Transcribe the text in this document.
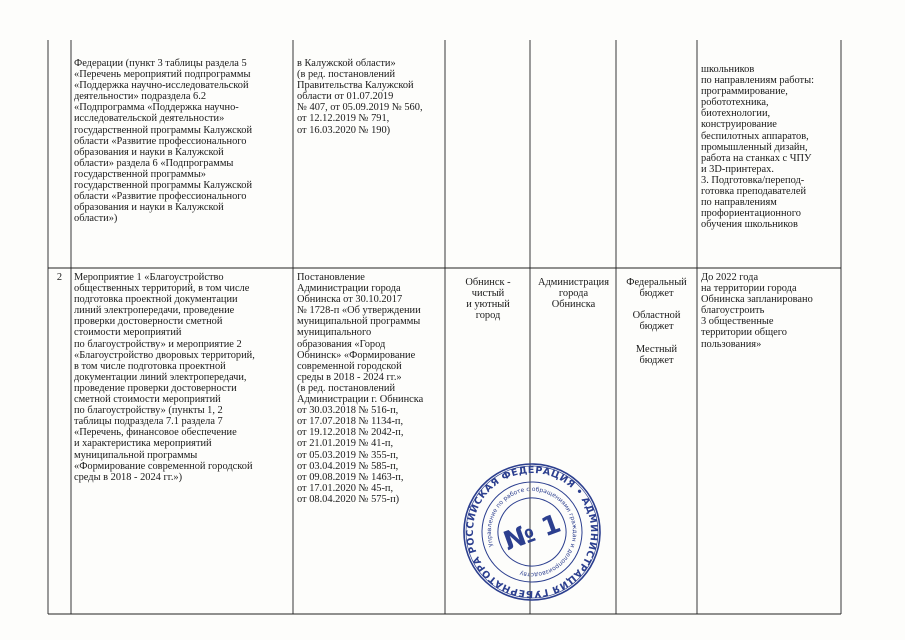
Федерации (пункт 3 таблицы раздела 5
«Перечень мероприятий подпрограммы
«Поддержка научно-исследовательской
деятельности» подраздела 6.2
«Подпрограмма «Поддержка научно-
исследовательской деятельности»
государственной программы Калужской
области «Развитие профессионального
образования и науки в Калужской
области» раздела 6 «Подпрограммы
государственной программы»
государственной программы Калужской
области «Развитие профессионального
образования и науки в Калужской
области»)
в Калужской области»
(в ред. постановлений
Правительства Калужской
области от 01.07.2019
№ 407, от 05.09.2019 № 560,
от 12.12.2019 № 791,
от 16.03.2020 № 190)
школьников
по направлениям работы:
программирование,
робототехника,
биотехнологии,
конструирование
беспилотных аппаратов,
промышленный дизайн,
работа на станках с ЧПУ
и 3D-принтерах.
3. Подготовка/перепод-
готовка преподавателей
по направлениям
профориентационного
обучения школьников
2	Мероприятие 1 «Благоустройство
общественных территорий, в том числе
подготовка проектной документации
линий электропередачи, проведение
проверки достоверности сметной
стоимости мероприятий
по благоустройству» и мероприятие 2
«Благоустройство дворовых территорий,
в том числе подготовка проектной
документации линий электропередачи,
проведение проверки достоверности
сметной стоимости мероприятий
по благоустройству» (пункты 1, 2
таблицы подраздела 7.1 раздела 7
«Перечень, финансовое обеспечение
и характеристика мероприятий
муниципальной программы
«Формирование современной городской
среды в 2018 - 2024 гг.»)
Постановление
Администрации города
Обнинска от 30.10.2017
№ 1728-п «Об утверждении
муниципальной программы
муниципального
образования «Город
Обнинск» «Формирование
современной городской
среды в 2018 - 2024 гг.»
(в ред. постановлений
Администрации г. Обнинска
от 30.03.2018 № 516-п,
от 17.07.2018 № 1134-п,
от 19.12.2018 № 2042-п,
от 21.01.2019 № 41-п,
от 05.03.2019 № 355-п,
от 03.04.2019 № 585-п,
от 09.08.2019 № 1463-п,
от 17.01.2020 № 45-п,
от 08.04.2020 № 575-п)
Обнинск -
чистый
и уютный
город
Администрация
города
Обнинска
Федеральный
бюджет

Областной
бюджет

Местный
бюджет
До 2022 года
на территории города
Обнинска запланировано
благоустроить
3 общественные
территории общего
пользования»
РОССИЙСКАЯ ФЕДЕРАЦИЯ • АДМИНИСТРАЦИЯ ГУБЕРНАТОРА
Управление по работе с обращениями граждан и делопроизводству
№ 1
